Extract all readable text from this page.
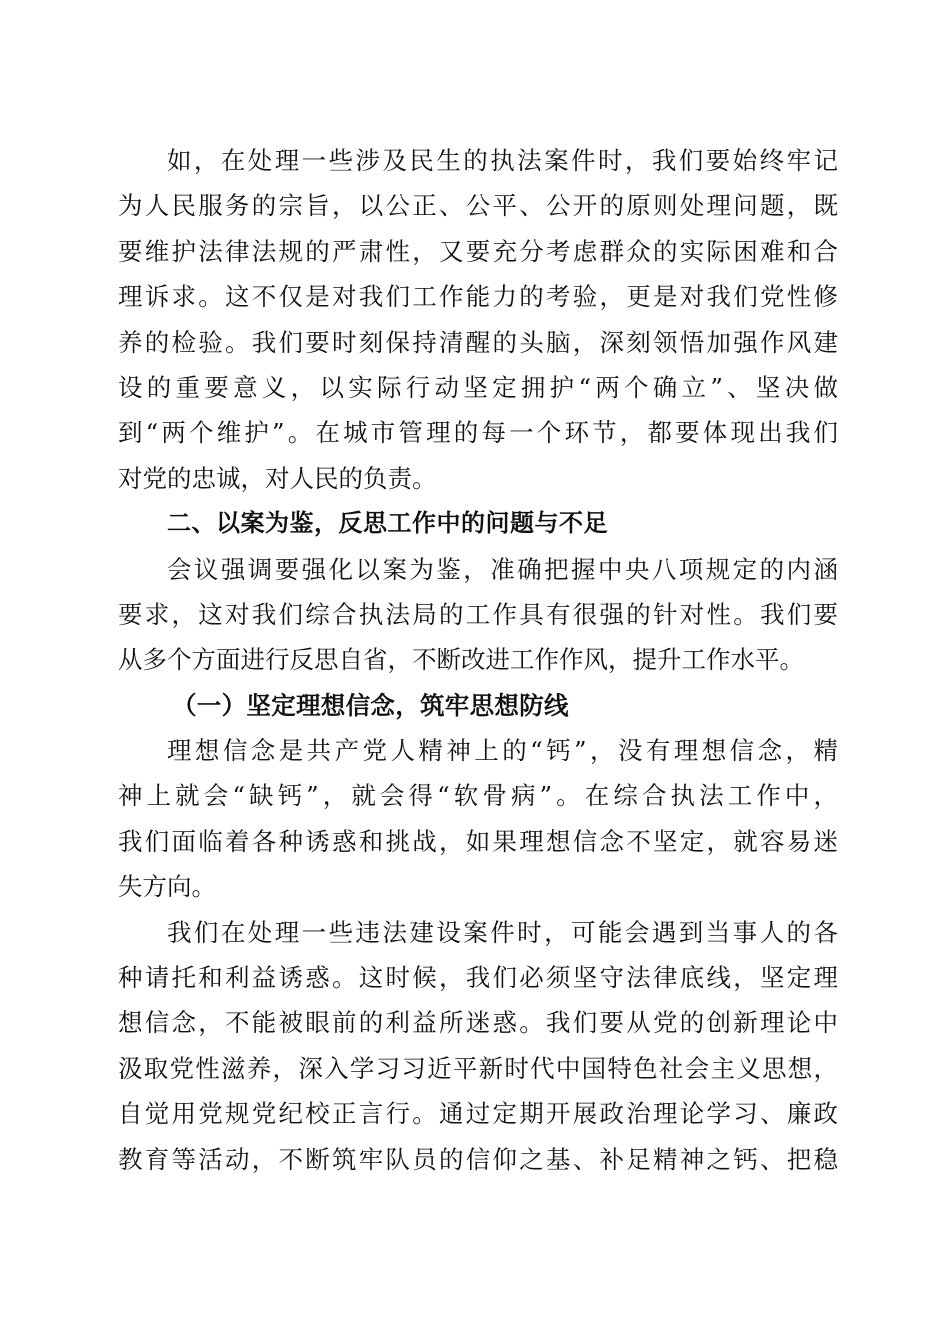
如，在处理一些涉及民生的执法案件时，我们要始终牢记
为人民服务的宗旨，以公正、公平、公开的原则处理问题，既
要维护法律法规的严肃性，又要充分考虑群众的实际困难和合
理诉求。这不仅是对我们工作能力的考验，更是对我们党性修
养的检验。我们要时刻保持清醒的头脑，深刻领悟加强作风建
设的重要意义，以实际行动坚定拥护“两个确立”、坚决做
到“两个维护”。在城市管理的每一个环节，都要体现出我们
对党的忠诚，对人民的负责。
二、以案为鉴，反思工作中的问题与不足
会议强调要强化以案为鉴，准确把握中央八项规定的内涵
要求，这对我们综合执法局的工作具有很强的针对性。我们要
从多个方面进行反思自省，不断改进工作作风，提升工作水平。
（一）坚定理想信念，筑牢思想防线
理想信念是共产党人精神上的“钙”，没有理想信念，精
神上就会“缺钙”，就会得“软骨病”。在综合执法工作中，
我们面临着各种诱惑和挑战，如果理想信念不坚定，就容易迷
失方向。
我们在处理一些违法建设案件时，可能会遇到当事人的各
种请托和利益诱惑。这时候，我们必须坚守法律底线，坚定理
想信念，不能被眼前的利益所迷惑。我们要从党的创新理论中
汲取党性滋养，深入学习习近平新时代中国特色社会主义思想，
自觉用党规党纪校正言行。通过定期开展政治理论学习、廉政
教育等活动，不断筑牢队员的信仰之基、补足精神之钙、把稳
